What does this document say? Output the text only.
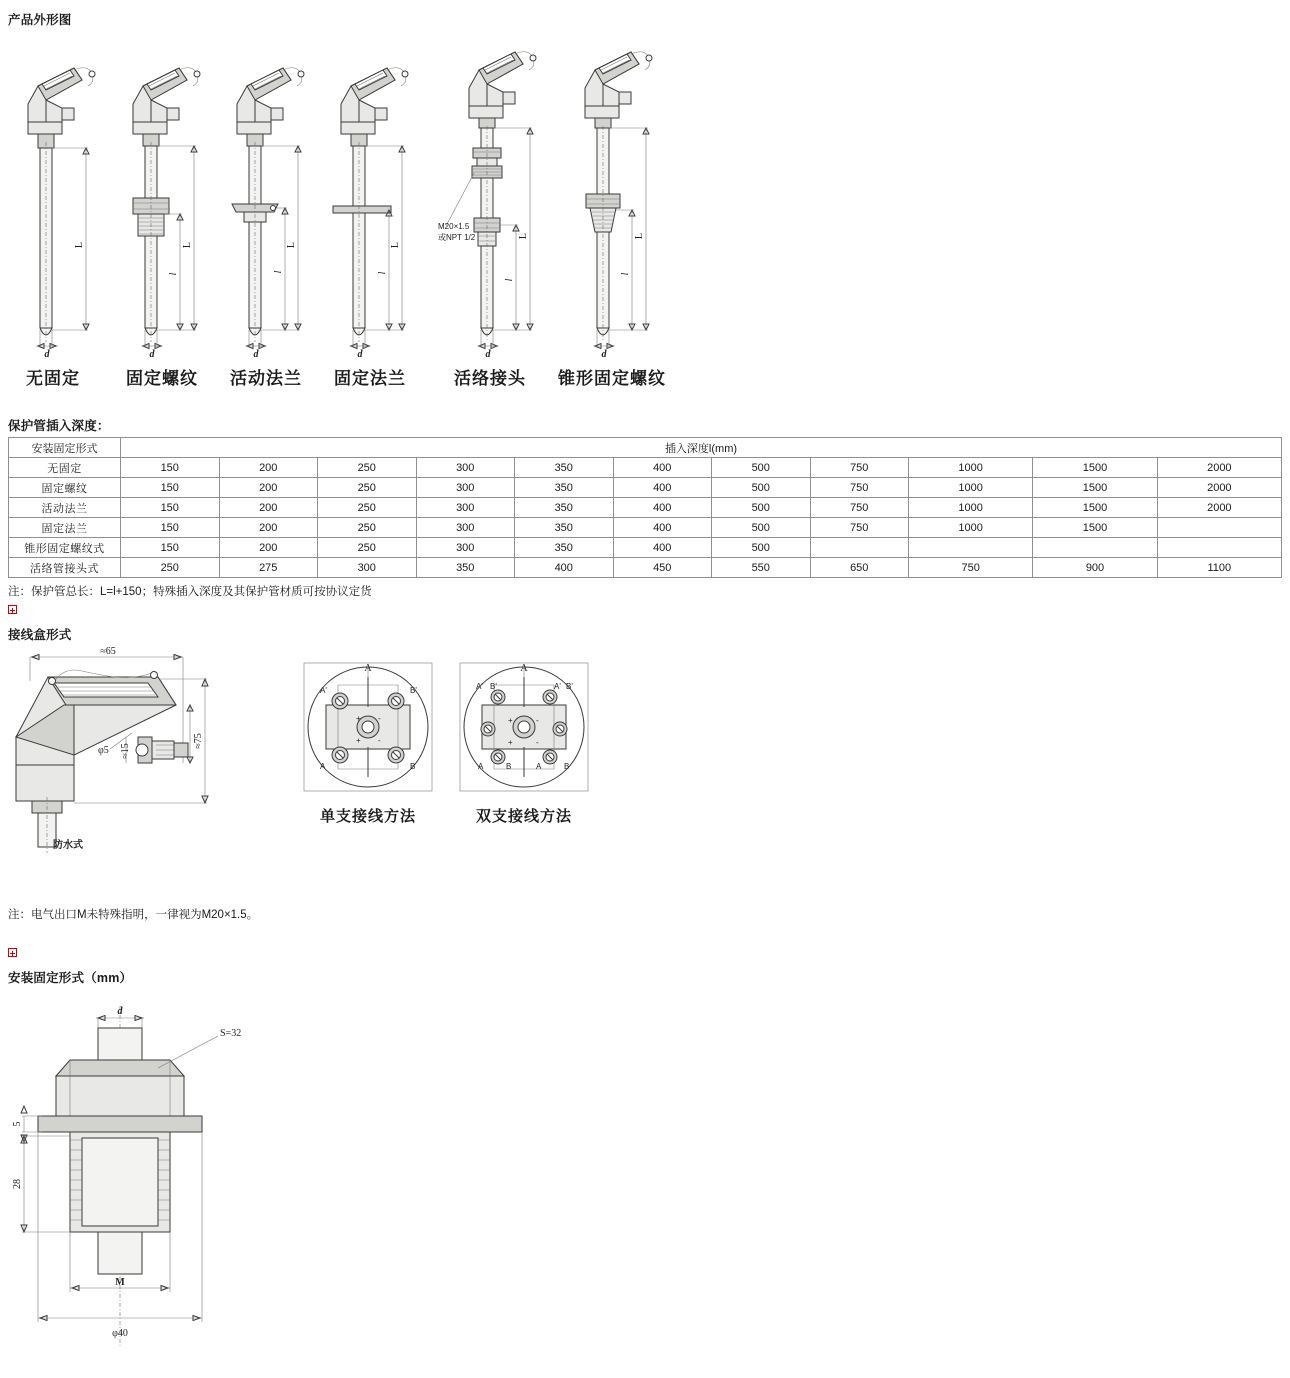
产品外形图
L
d
L
l
d
L
l
d
L
l
d
M20×1.5
或NPT 1/2	L
l
d
L
l
d
无固定	固定螺纹 活动法兰 固定法兰	活络接头 锥形固定螺纹
保护管插入深度：
安装固定形式	插入深度l(mm)										
无固定	150	200	250	300	350	400	500	750	1000	1500	2000
固定螺纹	150	200	250	300	350	400	500	750	1000	1500	2000
活动法兰	150	200	250	300	350	400	500	750	1000	1500	2000
固定法兰	150	200	250	300	350	400	500	750	1000	1500	
锥形固定螺纹式	150	200	250	300	350	400	500				
活络管接头式	250	275	300	350	400	450	550	650	750	900	1100

注：保护管总长：L=l+150；特殊插入深度及其保护管材质可按协议定货

接线盒形式
≈65
φ5 ≈15
≈75
防水式
A
A'	B'
A	B
+ -
+ -
A
A' B'	A' B'
A	B	A	B
+	-
+	-
单支接线方法	双支接线方法

注：电气出口M未特殊指明，一律视为M20×1.5。

安装固定形式（mm）
d
S=32
5
28
M
φ40
